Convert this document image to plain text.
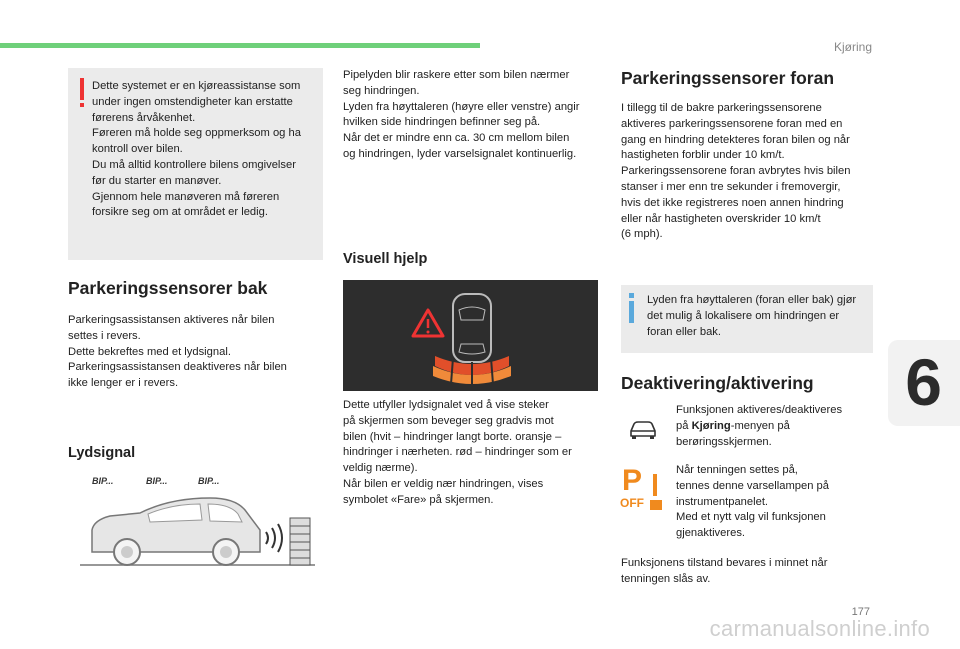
Kjøring
6
177
carmanualsonline.info
Dette systemet er en kjøreassistanse som
under ingen omstendigheter kan erstatte
førerens årvåkenhet.
Føreren må holde seg oppmerksom og ha
kontroll over bilen.
Du må alltid kontrollere bilens omgivelser
før du starter en manøver.
Gjennom hele manøveren må føreren
forsikre seg om at området er ledig.
Parkeringssensorer bak
Parkeringsassistansen aktiveres når bilen
settes i revers.
Dette bekreftes med et lydsignal.
Parkeringsassistansen deaktiveres når bilen
ikke lenger er i revers.
Lydsignal
BIP...	BIP...	BIP...
Pipelyden blir raskere etter som bilen nærmer
seg hindringen.
Lyden fra høyttaleren (høyre eller venstre) angir
hvilken side hindringen befinner seg på.
Når det er mindre enn ca. 30 cm mellom bilen
og hindringen, lyder varselsignalet kontinuerlig.
Visuell hjelp
Dette utfyller lydsignalet ved å vise steker
på skjermen som beveger seg gradvis mot
bilen (hvit – hindringer langt borte. oransje –
hindringer i nærheten. rød – hindringer som er
veldig nærme).
Når bilen er veldig nær hindringen, vises
symbolet «Fare» på skjermen.
Parkeringssensorer foran
I tillegg til de bakre parkeringssensorene
aktiveres parkeringssensorene foran med en
gang en hindring detekteres foran bilen og når
hastigheten forblir under 10 km/t.
Parkeringssensorene foran avbrytes hvis bilen
stanser i mer enn tre sekunder i fremovergir,
hvis det ikke registreres noen annen hindring
eller når hastigheten overskrider 10 km/t
(6 mph).
Lyden fra høyttaleren (foran eller bak) gjør
det mulig å lokalisere om hindringen er
foran eller bak.
Deaktivering/aktivering
Funksjonen aktiveres/deaktiveres
på Kjøring-menyen på
berøringsskjermen.
P
OFF
Når tenningen settes på,
tennes denne varsellampen på
instrumentpanelet.
Med et nytt valg vil funksjonen
gjenaktiveres.
Funksjonens tilstand bevares i minnet når
tenningen slås av.
